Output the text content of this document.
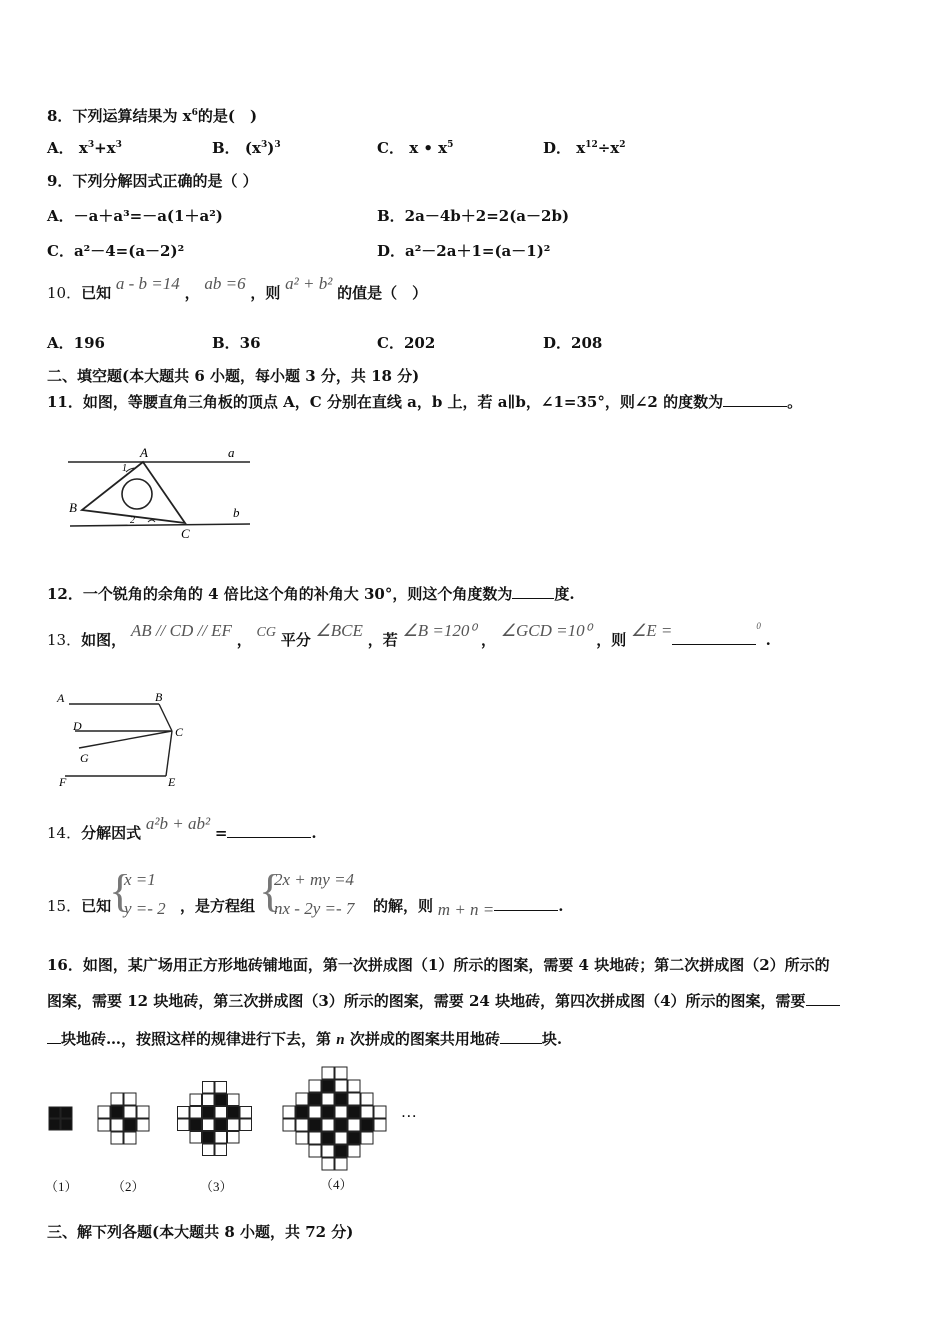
8．下列运算结果为 $x^6$的是(　)
A． $x^3+x^3$	B． $(x^3)^3$	C． x • $x^5$	D． $x^{12}\div x^2$
9．下列分解因式正确的是（ ）
A．－a＋a³=－a(1＋a²)	B．2a－4b＋2=2(a－2b)
C．a²－4=(a－2)²	D．a²－2a＋1=(a－1)²
10．已知 a - b =14 ， ab =6 ，则 a² + b² 的值是（　）
A．196	B．36	C．202	D．208
二、填空题(本大题共 6 小题，每小题 3 分，共 18 分)
11．如图，等腰直角三角板的顶点 A，C 分别在直线 a，b 上，若 a∥b，∠1=35°，则∠2 的度数为	。
A
B
C
a
b
1
2
12．一个锐角的余角的 4 倍比这个角的补角大 30°，则这个角度数为	度.
13．如图， AB // CD // EF ， CG 平分 ∠BCE ，若 ∠B =120⁰ ， ∠GCD =10⁰ ，则 ∠E =	$^0$ .
A	B
C
D
G
F	E
14．分解因式 a²b + ab² =	.
15．已知
{
x =1
y =- 2 ，是方程组 {
2x + my =4
nx - 2y =- 7 的解，则 m + n =	.
16．如图，某广场用正方形地砖铺地面，第一次拼成图（1）所示的图案，需要 4 块地砖；第二次拼成图（2）所示的
图案，需要 12 块地砖，第三次拼成图（3）所示的图案，需要 24 块地砖，第四次拼成图（4）所示的图案，需要
块地砖…，按照这样的规律进行下去，第 n 次拼成的图案共用地砖	块.
…
（1）	（2）	（3）	（4）
三、解下列各题(本大题共 8 小题，共 72 分)
